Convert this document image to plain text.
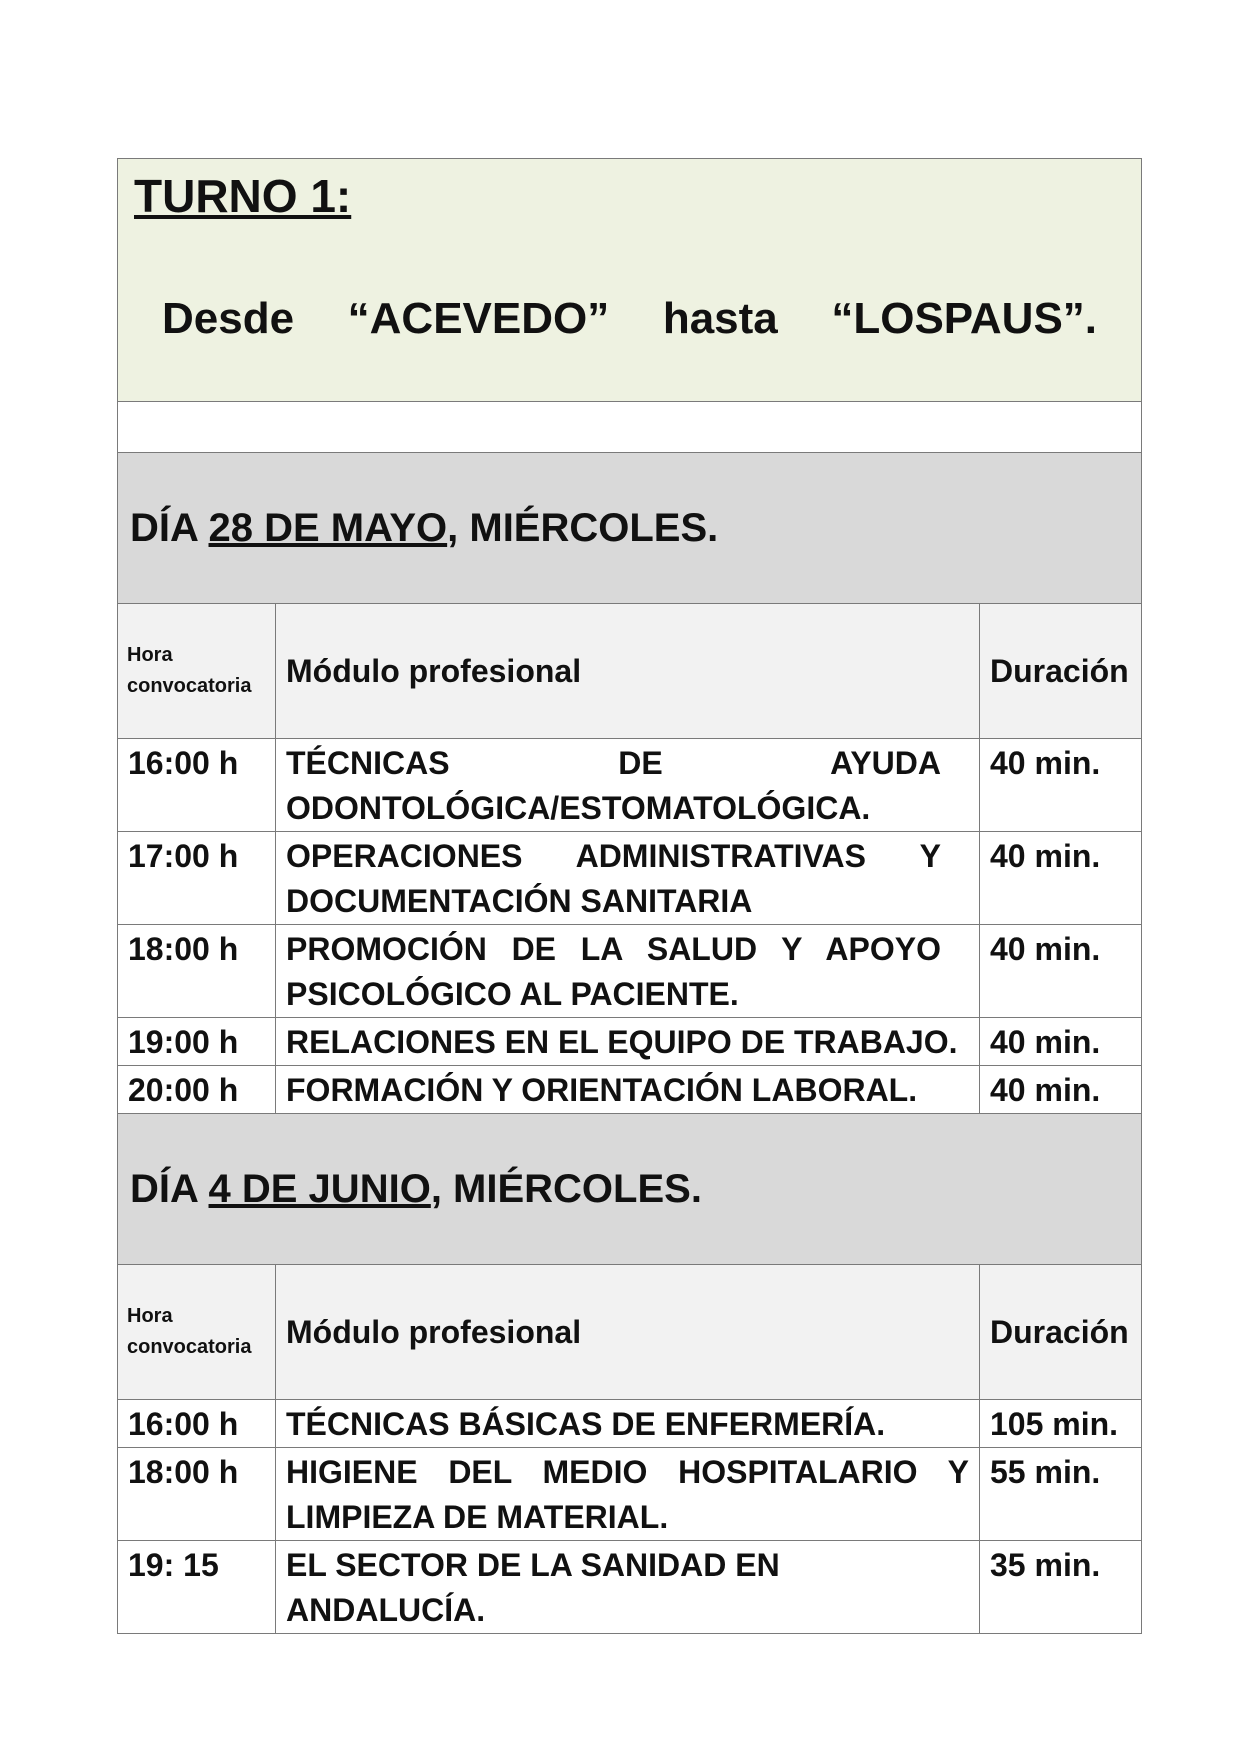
TURNO 1:
Desde “ACEVEDO” hasta “LOSPAUS”.		

DÍA 28 DE MAYO, MIÉRCOLES.		
Hora convocatoria	Módulo profesional	Duración
16:00 h	TÉCNICAS DE AYUDA ODONTOLÓGICA/ESTOMATOLÓGICA.	40 min.
17:00 h	OPERACIONES ADMINISTRATIVAS Y DOCUMENTACIÓN SANITARIA	40 min.
18:00 h	PROMOCIÓN DE LA SALUD Y APOYO PSICOLÓGICO AL PACIENTE.	40 min.
19:00 h	RELACIONES EN EL EQUIPO DE TRABAJO.	40 min.
20:00 h	FORMACIÓN Y ORIENTACIÓN LABORAL.	40 min.
DÍA 4 DE JUNIO, MIÉRCOLES.		
Hora convocatoria	Módulo profesional	Duración
16:00 h	TÉCNICAS BÁSICAS DE ENFERMERÍA.	105 min.
18:00 h	HIGIENE DEL MEDIO HOSPITALARIO Y LIMPIEZA DE MATERIAL.	55 min.
19: 15	EL SECTOR DE LA SANIDAD EN ANDALUCÍA.	35 min.
